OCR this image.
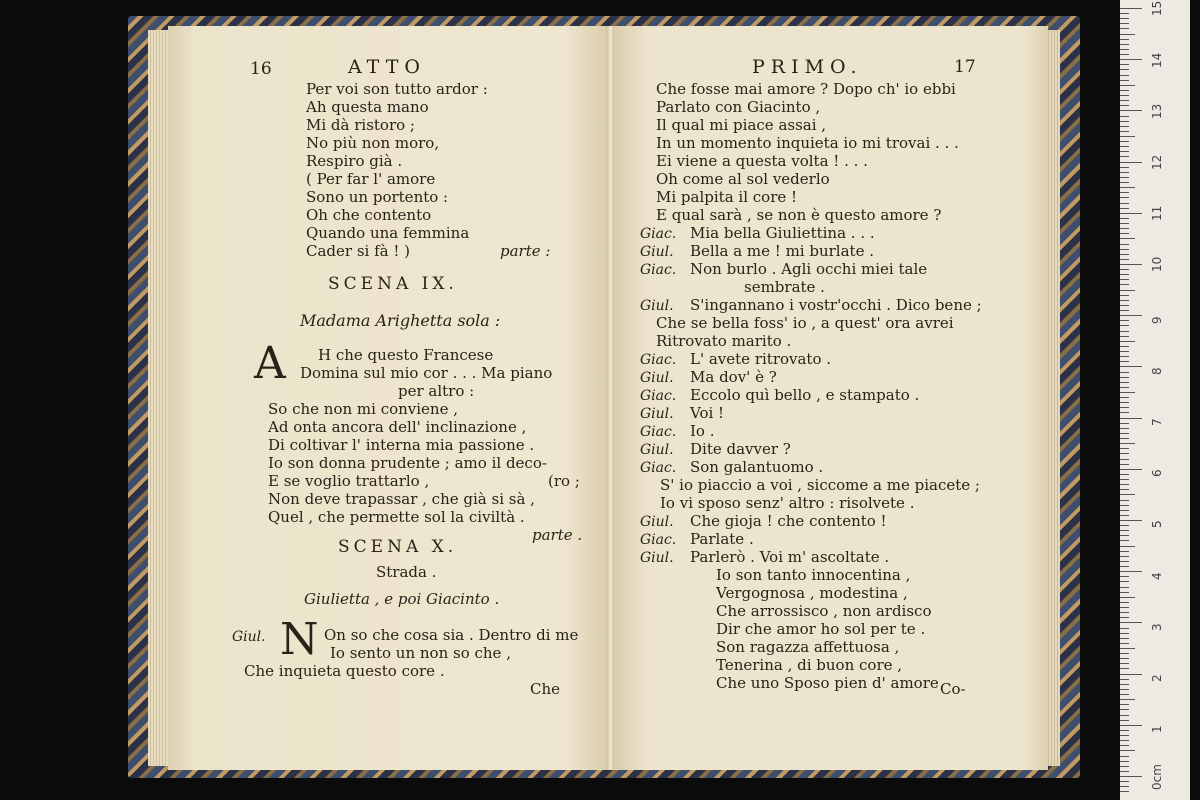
16	ATTO
Per voi son tutto ardor :
Ah questa mano
Mi dà ristoro ;
No più non moro,
Respiro già .
( Per far l' amore
Sono un portento :
Oh che contento
Quando una femmina
Cader si fà ! )	parte :
SCENA IX.
Madama Arighetta sola :
A H che questo Francese
Domina sul mio cor . . . Ma piano
per altro :
So che non mi conviene ,
Ad onta ancora dell' inclinazione ,
Di coltivar l' interna mia passione .
Io son donna prudente ; amo il deco-
E se voglio trattarlo ,	(ro ;
Non deve trapassar , che già si sà ,
Quel , che permette sol la civiltà .
parte .
SCENA X.
Strada .
Giulietta , e poi Giacinto .
Giul. N On so che cosa sia . Dentro di me
Io sento un non so che ,
Che inquieta questo core .
Che
PRIMO.	17
Che fosse mai amore ? Dopo ch' io ebbi
Parlato con Giacinto ,
Il qual mi piace assai ,
In un momento inquieta io mi trovai . . .
Ei viene a questa volta ! . . .
Oh come al sol vederlo
Mi palpita il core !
E qual sarà , se non è questo amore ?
Giac. Mia bella Giuliettina . . .
Giul. Bella a me ! mi burlate .
Giac. Non burlo . Agli occhi miei tale
sembrate .
Giul. S'ingannano i vostr'occhi . Dico bene ;
Che se bella foss' io , a quest' ora avrei
Ritrovato marito .
Giac. L' avete ritrovato .
Giul. Ma dov' è ?
Giac. Eccolo quì bello , e stampato .
Giul. Voi !
Giac. Io .
Giul. Dite davver ?
Giac. Son galantuomo .
S' io piaccio a voi , siccome a me piacete ;
Io vi sposo senz' altro : risolvete .
Giul. Che gioja ! che contento !
Giac. Parlate .
Giul. Parlerò . Voi m' ascoltate .
Io son tanto innocentina ,
Vergognosa , modestina ,
Che arrossisco , non ardisco
Dir che amor ho sol per te .
Son ragazza affettuosa ,
Tenerina , di buon core ,
Che uno Sposo pien d' amore Co-
15
14
13
12
11
10
9
8
7
6
5
4
3
2
1
0cm
